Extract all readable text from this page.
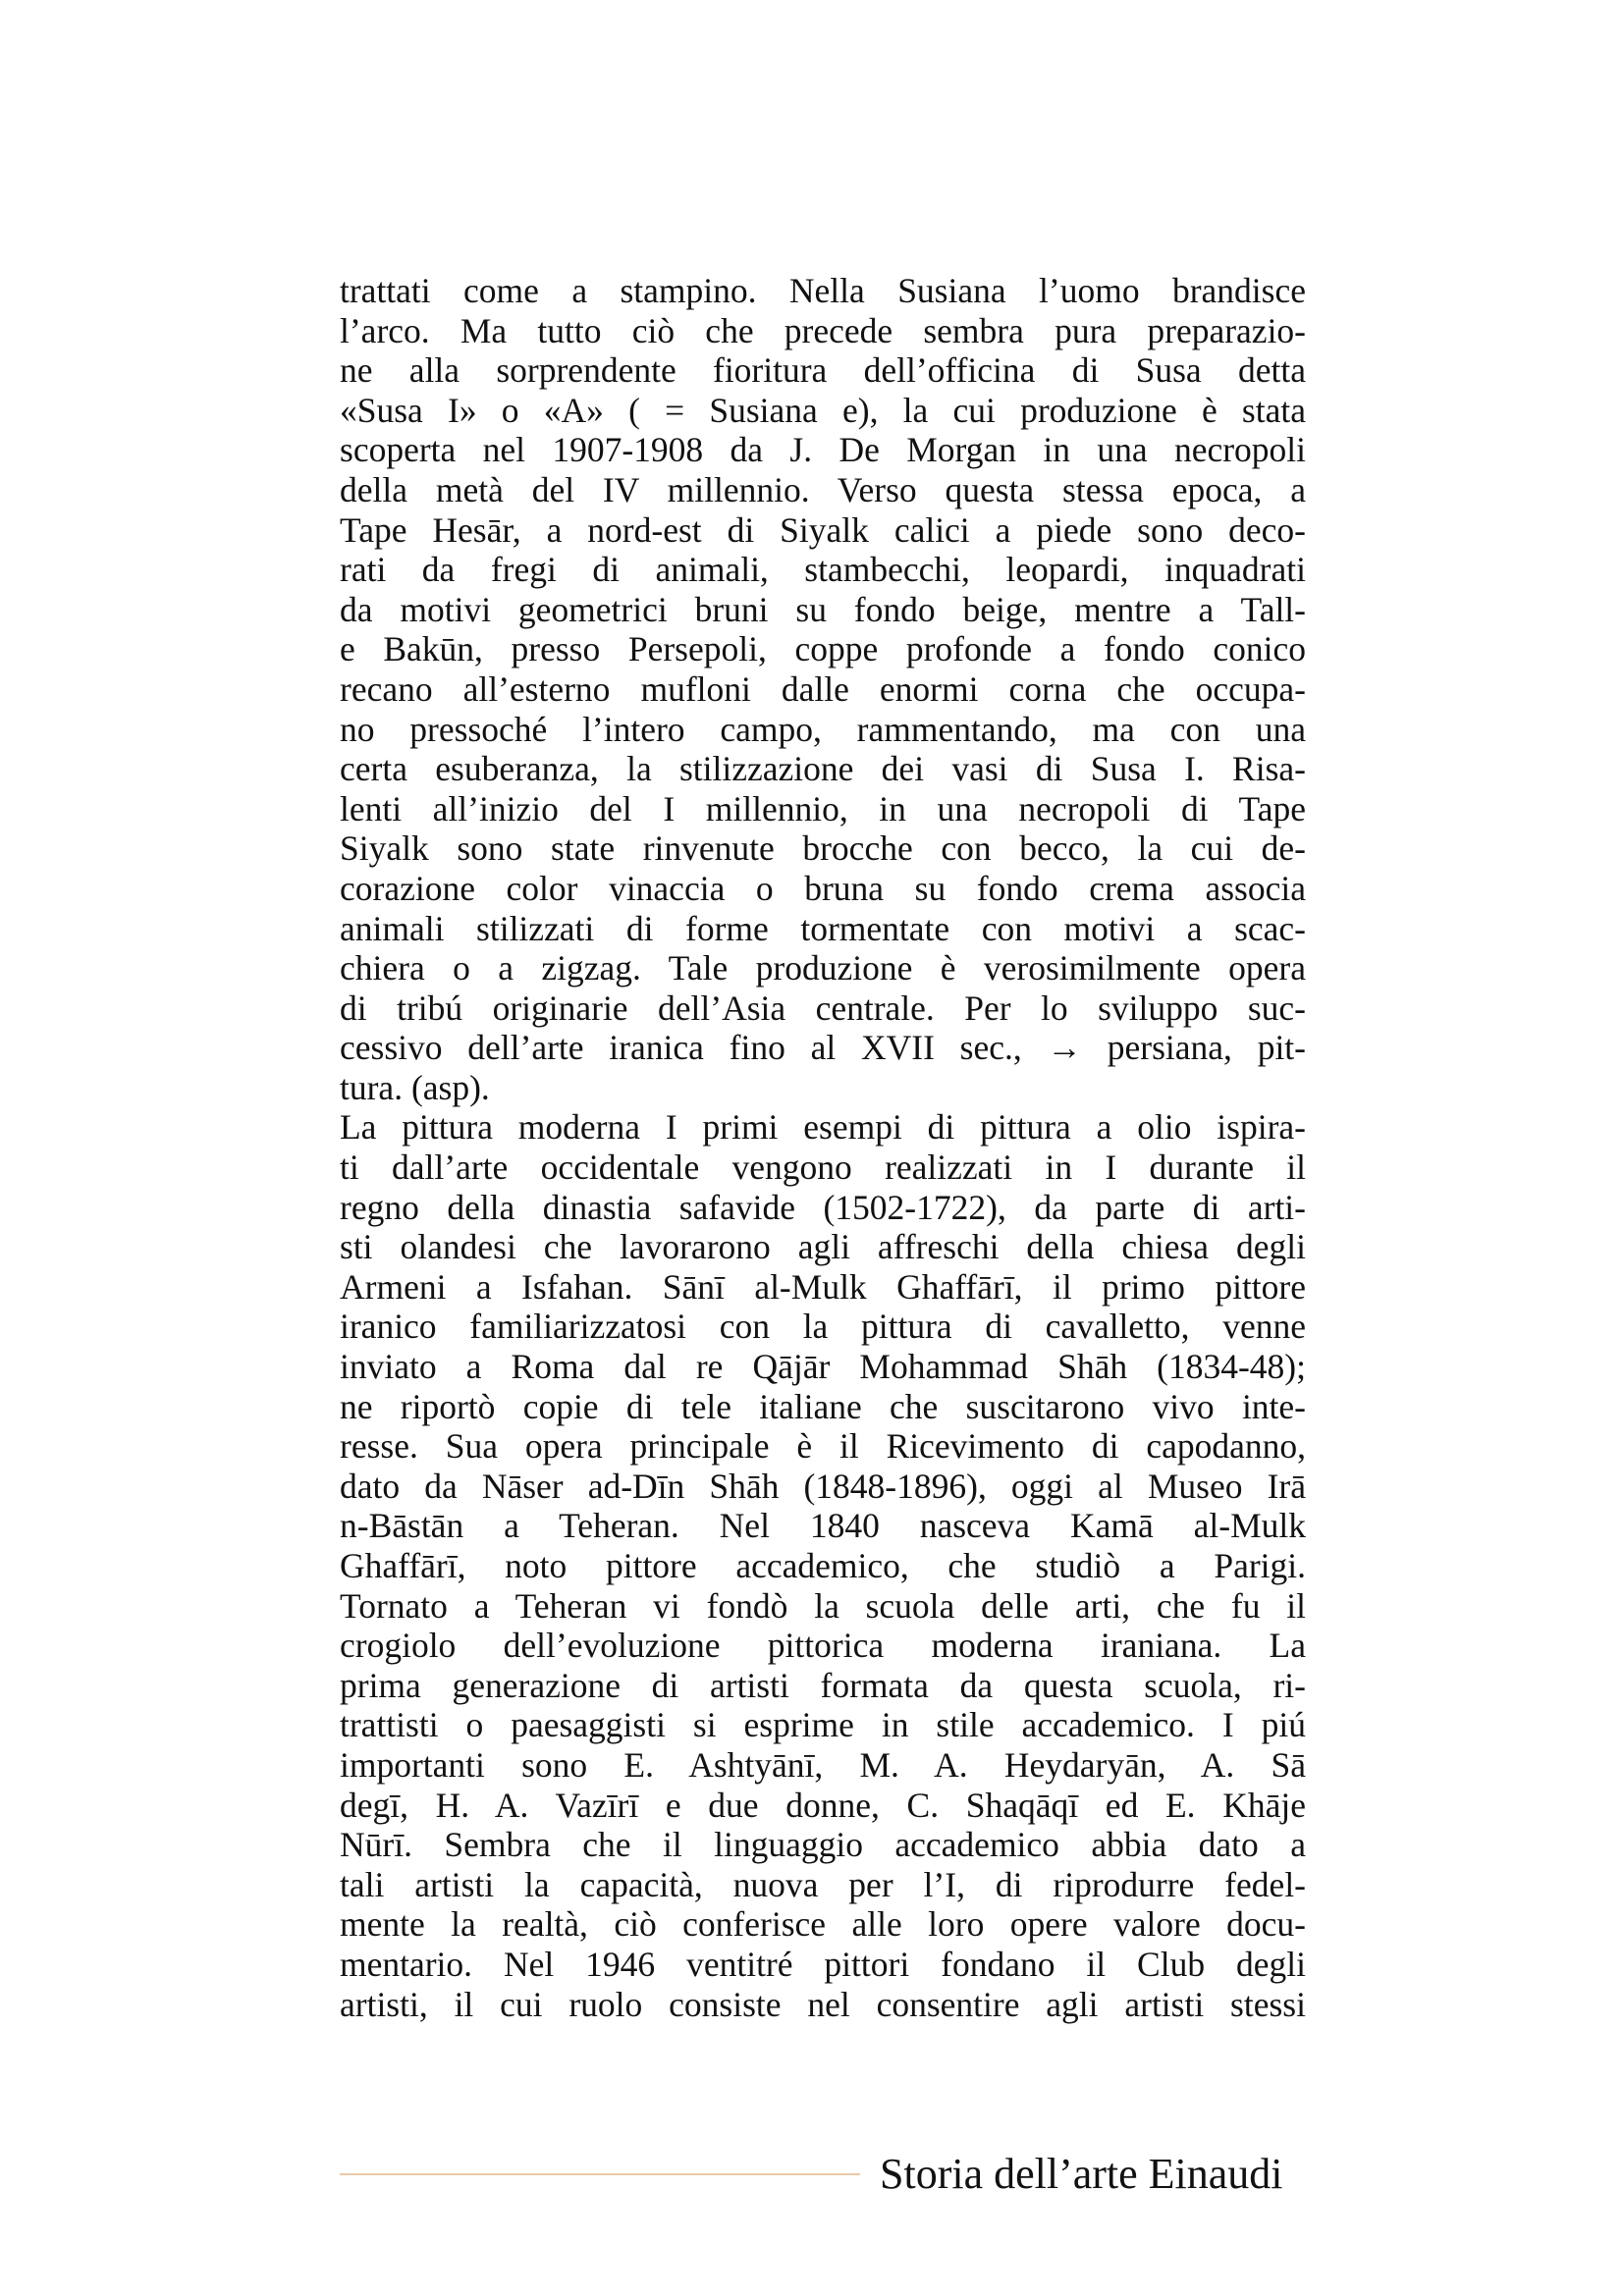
trattati come a stampino. Nella Susiana l’uomo brandisce
l’arco. Ma tutto ciò che precede sembra pura preparazio-
ne alla sorprendente fioritura dell’officina di Susa detta
«Susa I» o «A» ( = Susiana e), la cui produzione è stata
scoperta nel 1907-1908 da J. De Morgan in una necropoli
della metà del IV millennio. Verso questa stessa epoca, a
Tape Hesār, a nord-est di Siyalk calici a piede sono deco-
rati da fregi di animali, stambecchi, leopardi, inquadrati
da motivi geometrici bruni su fondo beige, mentre a Tall-
e Bakūn, presso Persepoli, coppe profonde a fondo conico
recano all’esterno mufloni dalle enormi corna che occupa-
no pressoché l’intero campo, rammentando, ma con una
certa esuberanza, la stilizzazione dei vasi di Susa I. Risa-
lenti all’inizio del I millennio, in una necropoli di Tape
Siyalk sono state rinvenute brocche con becco, la cui de-
corazione color vinaccia o bruna su fondo crema associa
animali stilizzati di forme tormentate con motivi a scac-
chiera o a zigzag. Tale produzione è verosimilmente opera
di tribú originarie dell’Asia centrale. Per lo sviluppo suc-
cessivo dell’arte iranica fino al XVII sec., → persiana, pit-
tura. (asp).
La pittura moderna I primi esempi di pittura a olio ispira-
ti dall’arte occidentale vengono realizzati in I durante il
regno della dinastia safavide (1502-1722), da parte di arti-
sti olandesi che lavorarono agli affreschi della chiesa degli
Armeni a Isfahan. Sānī al-Mulk Ghaffārī, il primo pittore
iranico familiarizzatosi con la pittura di cavalletto, venne
inviato a Roma dal re Qājār Mohammad Shāh (1834-48);
ne riportò copie di tele italiane che suscitarono vivo inte-
resse. Sua opera principale è il Ricevimento di capodanno,
dato da Nāser ad-Dīn Shāh (1848-1896), oggi al Museo Irā
n-Bāstān a Teheran. Nel 1840 nasceva Kamā al-Mulk
Ghaffārī, noto pittore accademico, che studiò a Parigi.
Tornato a Teheran vi fondò la scuola delle arti, che fu il
crogiolo dell’evoluzione pittorica moderna iraniana. La
prima generazione di artisti formata da questa scuola, ri-
trattisti o paesaggisti si esprime in stile accademico. I piú
importanti sono E. Ashtyānī, M. A. Heydaryān, A. Sā
degī, H. A. Vazīrī e due donne, C. Shaqāqī ed E. Khāje
Nūrī. Sembra che il linguaggio accademico abbia dato a
tali artisti la capacità, nuova per l’I, di riprodurre fedel-
mente la realtà, ciò conferisce alle loro opere valore docu-
mentario. Nel 1946 ventitré pittori fondano il Club degli
artisti, il cui ruolo consiste nel consentire agli artisti stessi
Storia dell’arte Einaudi
